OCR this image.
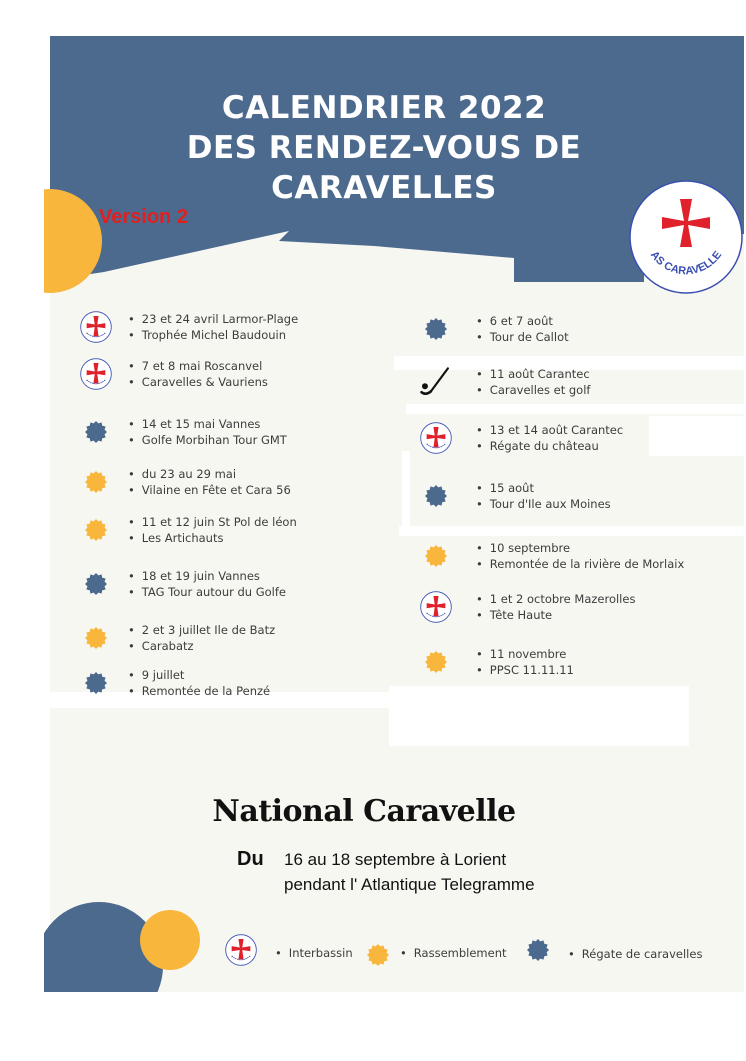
CALENDRIER 2022
DES RENDEZ-VOUS DE
CARAVELLES
Version 2
AS CARAVELLE
National Caravelle
Du 16 au 18 septembre à Lorient
pendant l' Atlantique Telegramme
• Interbassin	• Rassemblement	• Régate de caravelles
• 23 et 24 avril Larmor-Plage
• Trophée Michel Baudouin
• 7 et 8 mai Roscanvel
• Caravelles & Vauriens
• 14 et 15 mai Vannes
• Golfe Morbihan Tour GMT
• du 23 au 29 mai
• Vilaine en Fête et Cara 56
• 11 et 12 juin St Pol de léon
• Les Artichauts
• 18 et 19 juin Vannes
• TAG Tour autour du Golfe
• 2 et 3 juillet Ile de Batz
• Carabatz
• 9 juillet
• Remontée de la Penzé
• 6 et 7 août
• Tour de Callot
• 11 août Carantec
• Caravelles et golf
• 13 et 14 août Carantec
• Régate du château
• 15 août
• Tour d'Ile aux Moines
• 10 septembre
• Remontée de la rivière de Morlaix
• 1 et 2 octobre Mazerolles
• Tête Haute
• 11 novembre
• PPSC 11.11.11
